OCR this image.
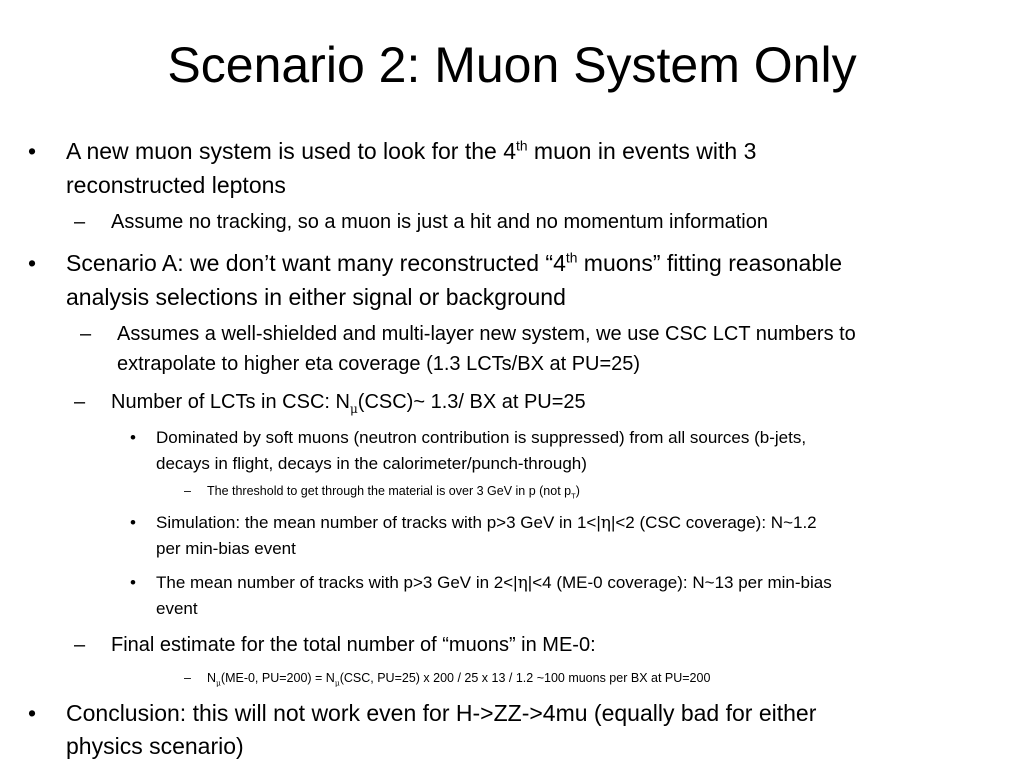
Scenario 2: Muon System Only
• A new muon system is used to look for the 4th muon in events with 3
reconstructed leptons
– Assume no tracking, so a muon is just a hit and no momentum information
• Scenario A: we don’t want many reconstructed “4th muons” fitting reasonable
analysis selections in either signal or background
– Assumes a well-shielded and multi-layer new system, we use CSC LCT numbers to
extrapolate to higher eta coverage (1.3 LCTs/BX at PU=25)
– Number of LCTs in CSC: $N_\mu(CSC)\sim$ 1.3/ BX at PU=25
• Dominated by soft muons (neutron contribution is suppressed) from all sources (b-jets,
decays in flight, decays in the calorimeter/punch-through)
– The threshold to get through the material is over 3 GeV in p (not $p_T$)
• Simulation: the mean number of tracks with p>3 GeV in 1<|η|<2 (CSC coverage): N~1.2
per min-bias event
• The mean number of tracks with p>3 GeV in 2<|η|<4 (ME-0 coverage): N~13 per min-bias
event
– Final estimate for the total number of “muons” in ME-0:
– $N_\mu(ME-0$, $PU=200) = N_\mu(CSC$, PU=25) x 200 / 25 x 13 / 1.2 ~100 muons per BX at PU=200
• Conclusion: this will not work even for H->ZZ->4mu (equally bad for either
physics scenario)
